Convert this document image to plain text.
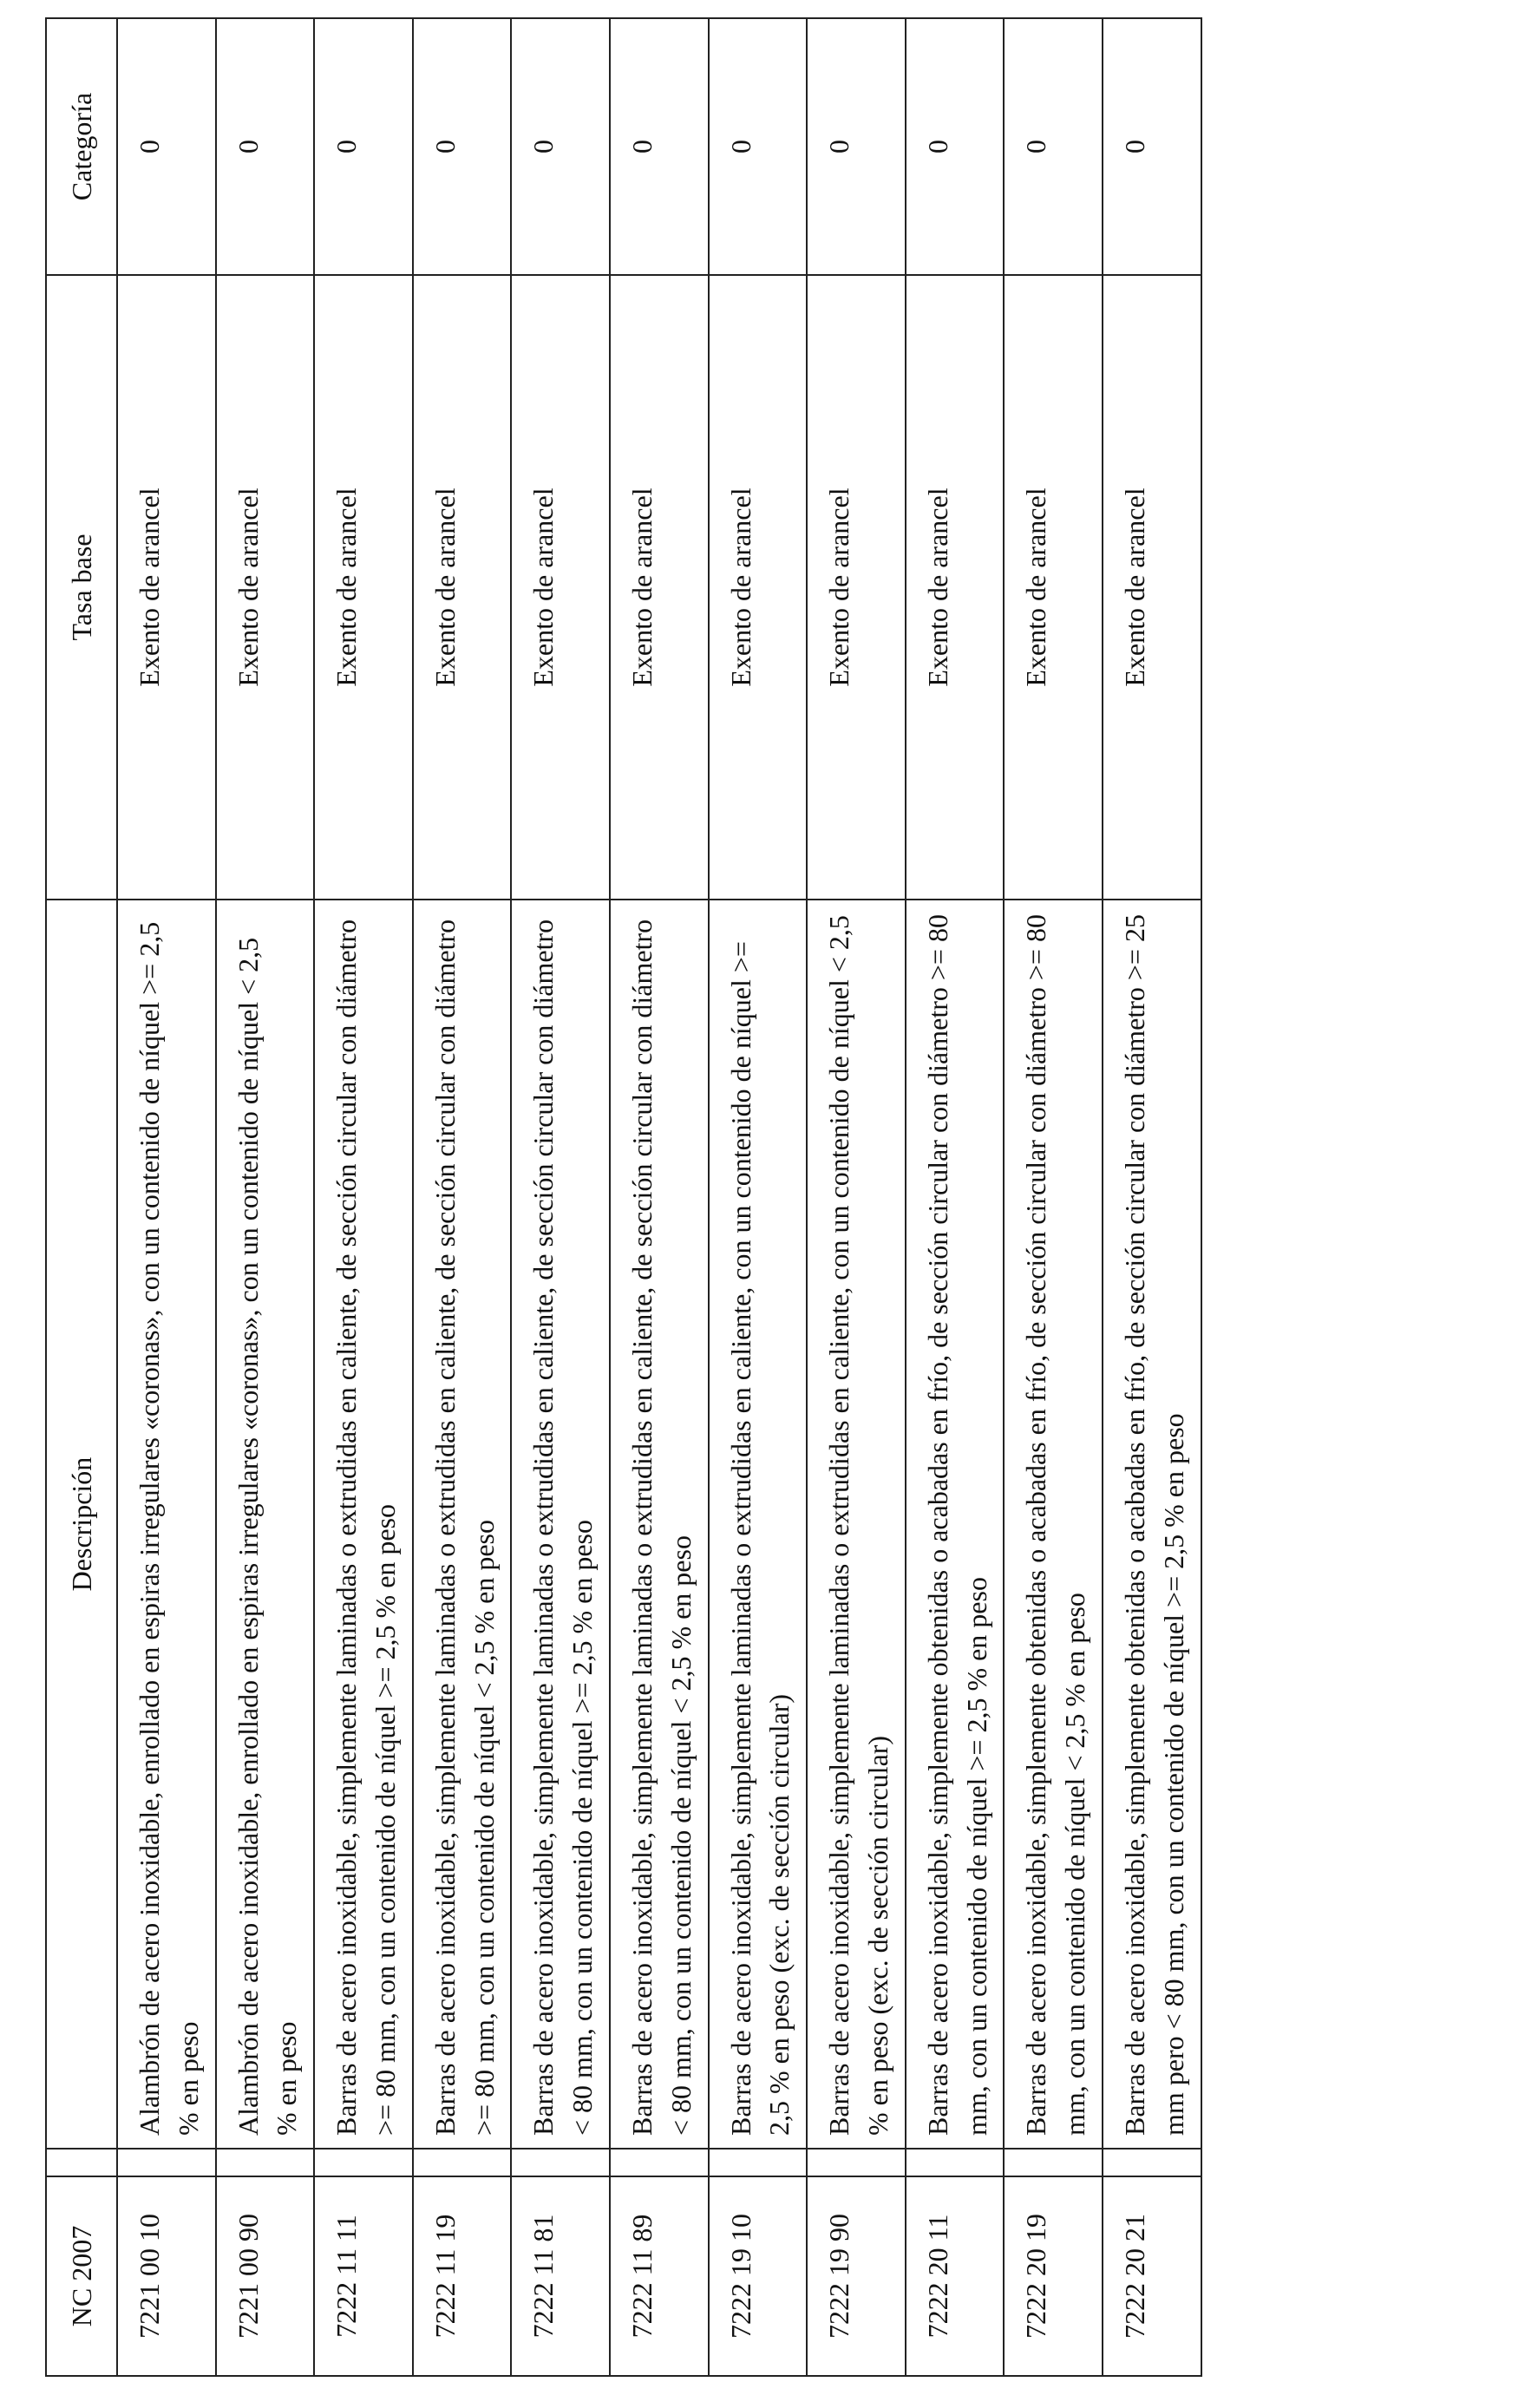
NC 2007		Descripción	Tasa base	Categoría
7221 00 10		Alambrón de acero inoxidable, enrollado en espiras irregulares «coronas», con un contenido de níquel >= 2,5 % en peso	Exento de arancel	0
7221 00 90		Alambrón de acero inoxidable, enrollado en espiras irregulares «coronas», con un contenido de níquel < 2,5 % en peso	Exento de arancel	0
7222 11 11		Barras de acero inoxidable, simplemente laminadas o extrudidas en caliente, de sección circular con diámetro >= 80 mm, con un contenido de níquel >= 2,5 % en peso	Exento de arancel	0
7222 11 19		Barras de acero inoxidable, simplemente laminadas o extrudidas en caliente, de sección circular con diámetro >= 80 mm, con un contenido de níquel < 2,5 % en peso	Exento de arancel	0
7222 11 81		Barras de acero inoxidable, simplemente laminadas o extrudidas en caliente, de sección circular con diámetro < 80 mm, con un contenido de níquel >= 2,5 % en peso	Exento de arancel	0
7222 11 89		Barras de acero inoxidable, simplemente laminadas o extrudidas en caliente, de sección circular con diámetro < 80 mm, con un contenido de níquel < 2,5 % en peso	Exento de arancel	0
7222 19 10		Barras de acero inoxidable, simplemente laminadas o extrudidas en caliente, con un contenido de níquel >= 2,5 % en peso (exc. de sección circular)	Exento de arancel	0
7222 19 90		Barras de acero inoxidable, simplemente laminadas o extrudidas en caliente, con un contenido de níquel < 2,5 % en peso (exc. de sección circular)	Exento de arancel	0
7222 20 11		Barras de acero inoxidable, simplemente obtenidas o acabadas en frío, de sección circular con diámetro >= 80 mm, con un contenido de níquel >= 2,5 % en peso	Exento de arancel	0
7222 20 19		Barras de acero inoxidable, simplemente obtenidas o acabadas en frío, de sección circular con diámetro >= 80 mm, con un contenido de níquel < 2,5 % en peso	Exento de arancel	0
7222 20 21		Barras de acero inoxidable, simplemente obtenidas o acabadas en frío, de sección circular con diámetro >= 25 mm pero < 80 mm, con un contenido de níquel >= 2,5 % en peso	Exento de arancel	0
